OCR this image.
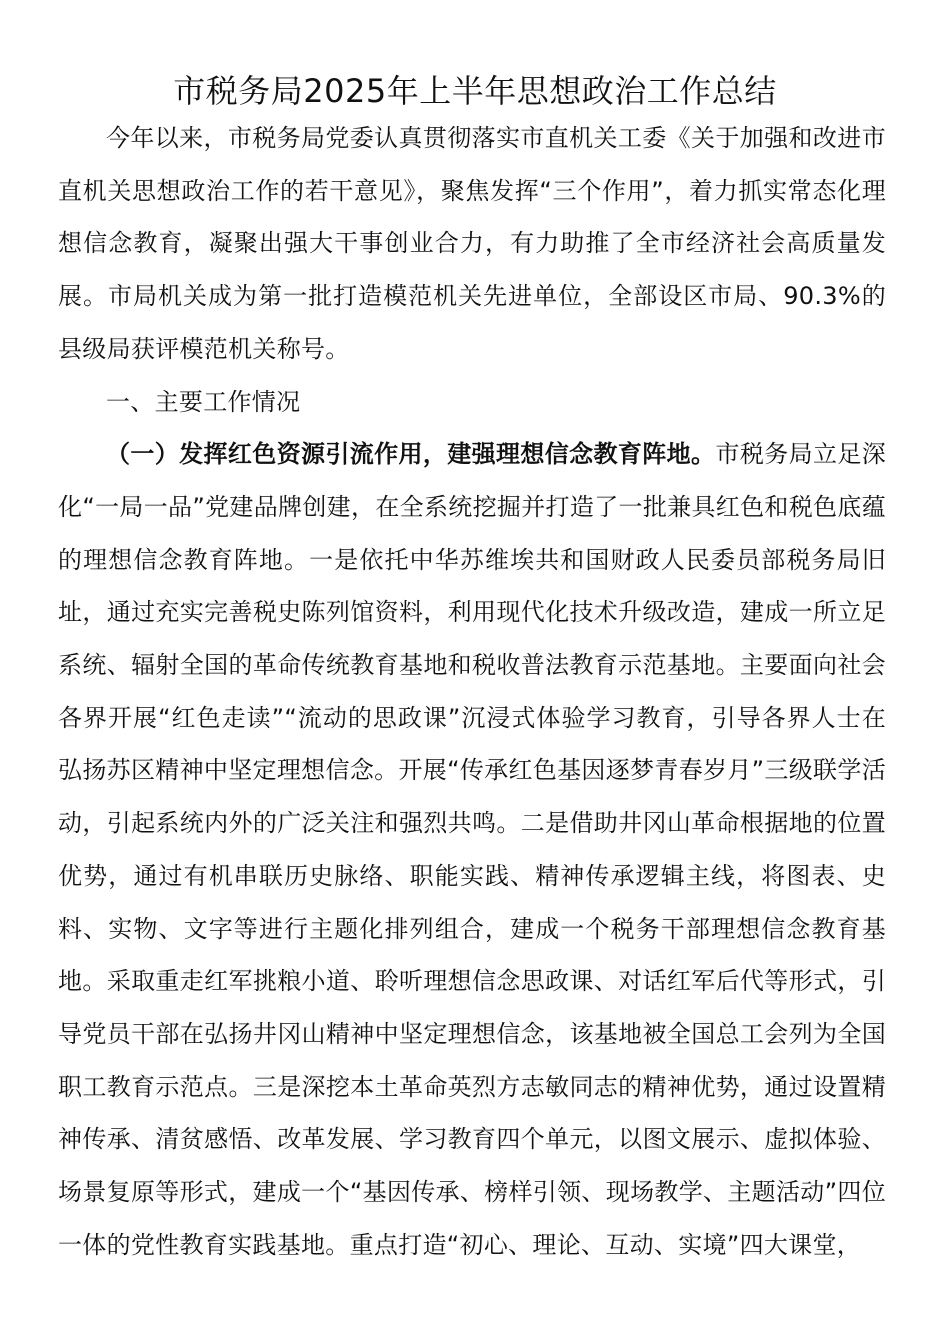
市税务局2025年上半年思想政治工作总结

今年以来，市税务局党委认真贯彻落实市直机关工委《关于加强和改进市直机关思想政治工作的若干意见》，聚焦发挥“三个作用”，着力抓实常态化理想信念教育，凝聚出强大干事创业合力，有力助推了全市经济社会高质量发展。市局机关成为第一批打造模范机关先进单位，全部设区市局、90.3%的县级局获评模范机关称号。

一、主要工作情况

（一）发挥红色资源引流作用，建强理想信念教育阵地。市税务局立足深化“一局一品”党建品牌创建，在全系统挖掘并打造了一批兼具红色和税色底蕴的理想信念教育阵地。一是依托中华苏维埃共和国财政人民委员部税务局旧址，通过充实完善税史陈列馆资料，利用现代化技术升级改造，建成一所立足系统、辐射全国的革命传统教育基地和税收普法教育示范基地。主要面向社会各界开展“红色走读”“流动的思政课”沉浸式体验学习教育，引导各界人士在弘扬苏区精神中坚定理想信念。开展“传承红色基因逐梦青春岁月”三级联学活动，引起系统内外的广泛关注和强烈共鸣。二是借助井冈山革命根据地的位置优势，通过有机串联历史脉络、职能实践、精神传承逻辑主线，将图表、史料、实物、文字等进行主题化排列组合，建成一个税务干部理想信念教育基地。采取重走红军挑粮小道、聆听理想信念思政课、对话红军后代等形式，引导党员干部在弘扬井冈山精神中坚定理想信念，该基地被全国总工会列为全国职工教育示范点。三是深挖本土革命英烈方志敏同志的精神优势，通过设置精神传承、清贫感悟、改革发展、学习教育四个单元，以图文展示、虚拟体验、场景复原等形式，建成一个“基因传承、榜样引领、现场教学、主题活动”四位一体的党性教育实践基地。重点打造“初心、理论、互动、实境”四大课堂，
